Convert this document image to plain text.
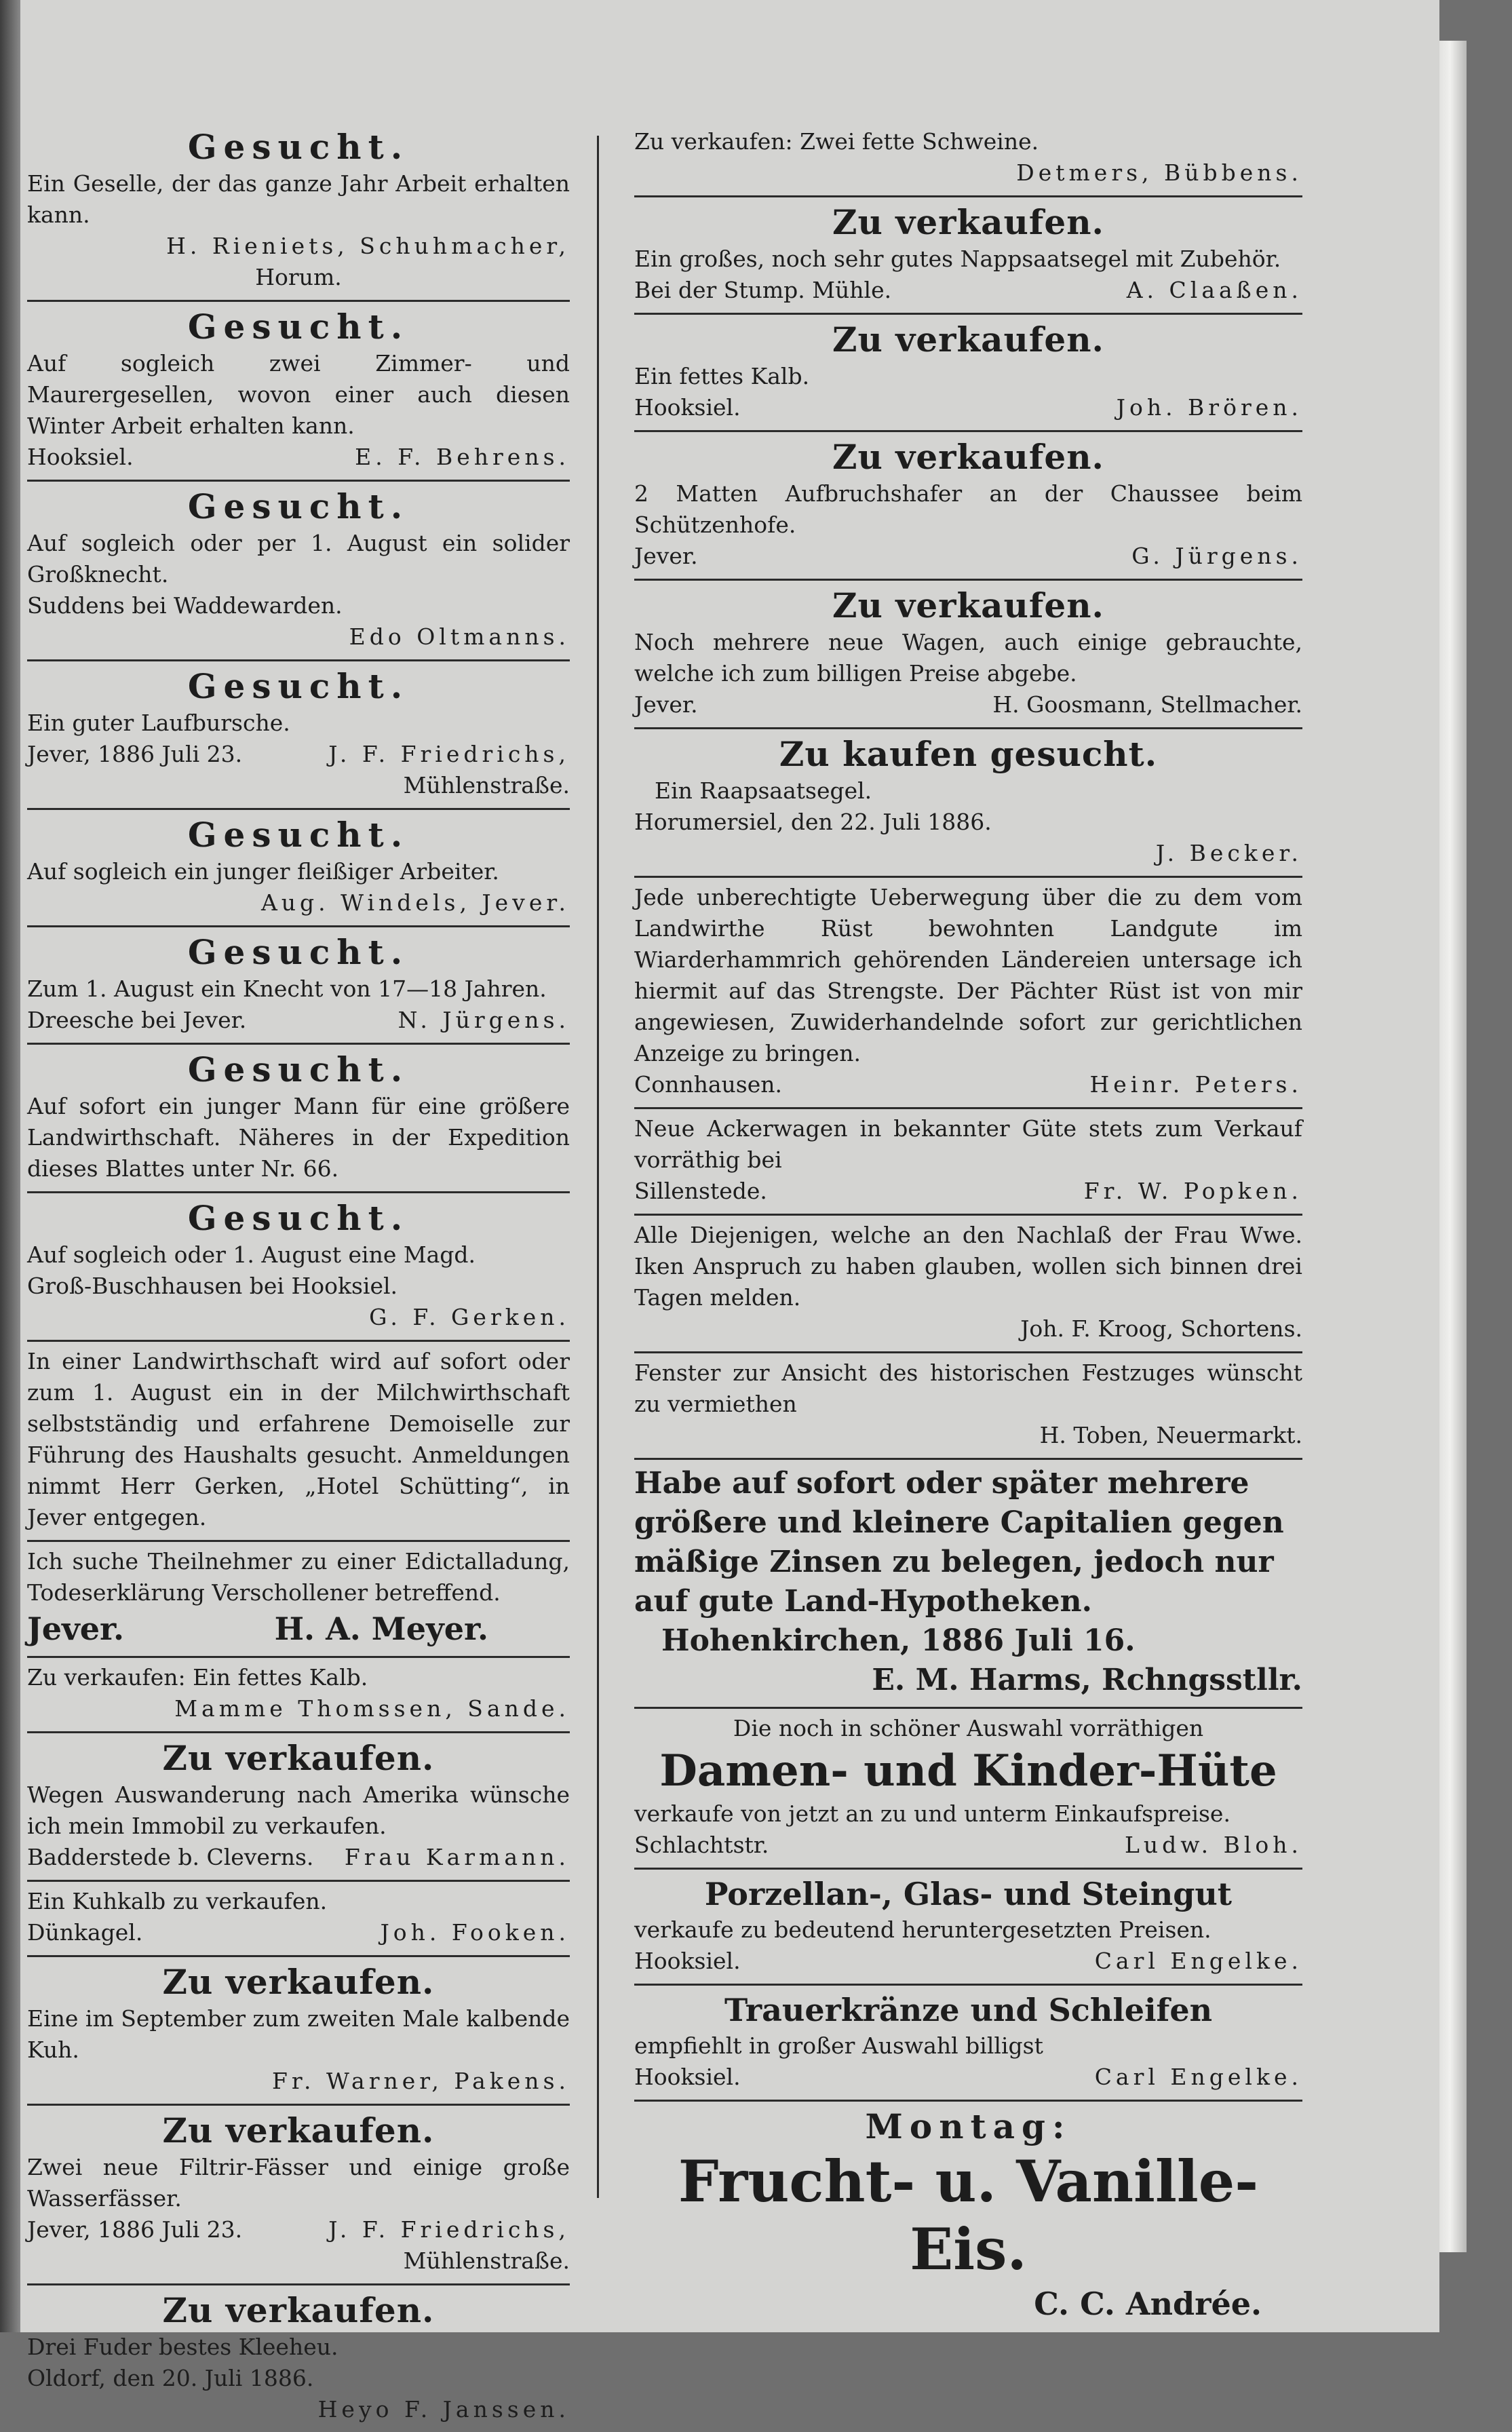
Gesucht.
Ein Geselle, der das ganze Jahr Arbeit erhalten kann.
H. Rieniets, Schuhmacher,
Horum.
Gesucht.
Auf sogleich zwei Zimmer- und Maurergesellen, wovon einer auch diesen Winter Arbeit erhalten kann.
Hooksiel.	E. F. Behrens.
Gesucht.
Auf sogleich oder per 1. August ein solider Großknecht.
Suddens bei Waddewarden.
Edo Oltmanns.
Gesucht.
Ein guter Laufbursche.
Jever, 1886 Juli 23.	J. F. Friedrichs,
Mühlenstraße.
Gesucht.
Auf sogleich ein junger fleißiger Arbeiter.
Aug. Windels, Jever.
Gesucht.
Zum 1. August ein Knecht von 17—18 Jahren.
Dreesche bei Jever.	N. Jürgens.
Gesucht.
Auf sofort ein junger Mann für eine größere Landwirthschaft. Näheres in der Expedition dieses Blattes unter Nr. 66.
Gesucht.
Auf sogleich oder 1. August eine Magd.
Groß-Buschhausen bei Hooksiel.
G. F. Gerken.
In einer Landwirthschaft wird auf sofort oder zum 1. August ein in der Milchwirthschaft selbstständig und erfahrene Demoiselle zur Führung des Haushalts gesucht. Anmeldungen nimmt Herr Gerken, „Hotel Schütting“, in Jever entgegen.
Ich suche Theilnehmer zu einer Edictalladung, Todeserklärung Verschollener betreffend.
Jever.	H. A. Meyer.
Zu verkaufen: Ein fettes Kalb.
Mamme Thomssen, Sande.
Zu verkaufen.
Wegen Auswanderung nach Amerika wünsche ich mein Immobil zu verkaufen.
Badderstede b. Cleverns. Frau Karmann.
Ein Kuhkalb zu verkaufen.
Dünkagel.	Joh. Fooken.
Zu verkaufen.
Eine im September zum zweiten Male kalbende Kuh.
Fr. Warner, Pakens.
Zu verkaufen.
Zwei neue Filtrir-Fässer und einige große Wasserfässer.
Jever, 1886 Juli 23.	J. F. Friedrichs,
Mühlenstraße.
Zu verkaufen.
Drei Fuder bestes Kleeheu.
Oldorf, den 20. Juli 1886.
Heyo F. Janssen.
Zu verkaufen: Zwei fette Schweine.
Detmers, Bübbens.
Zu verkaufen.
Ein großes, noch sehr gutes Nappsaatsegel mit Zubehör.
Bei der Stump. Mühle.	A. Claaßen.
Zu verkaufen.
Ein fettes Kalb.
Hooksiel.	Joh. Brören.
Zu verkaufen.
2 Matten Aufbruchshafer an der Chaussee beim Schützenhofe.
Jever.	G. Jürgens.
Zu verkaufen.
Noch mehrere neue Wagen, auch einige gebrauchte, welche ich zum billigen Preise abgebe.
Jever.	H. Goosmann, Stellmacher.
Zu kaufen gesucht.
Ein Raapsaatsegel.
Horumersiel, den 22. Juli 1886.
J. Becker.
Jede unberechtigte Ueberwegung über die zu dem vom Landwirthe Rüst bewohnten Landgute im Wiarderhammrich gehörenden Ländereien untersage ich hiermit auf das Strengste. Der Pächter Rüst ist von mir angewiesen, Zuwiderhandelnde sofort zur gerichtlichen Anzeige zu bringen.
Connhausen.	Heinr. Peters.
Neue Ackerwagen in bekannter Güte stets zum Verkauf vorräthig bei
Sillenstede.	Fr. W. Popken.
Alle Diejenigen, welche an den Nachlaß der Frau Wwe. Iken Anspruch zu haben glauben, wollen sich binnen drei Tagen melden.
Joh. F. Kroog, Schortens.
Fenster zur Ansicht des historischen Festzuges wünscht zu vermiethen
H. Toben, Neuermarkt.
Habe auf sofort oder später mehrere größere und kleinere Capitalien gegen mäßige Zinsen zu belegen, jedoch nur auf gute Land-Hypotheken.
Hohenkirchen, 1886 Juli 16.
E. M. Harms, Rchngsstllr.
Die noch in schöner Auswahl vorräthigen
Damen- und Kinder-Hüte
verkaufe von jetzt an zu und unterm Einkaufspreise.
Schlachtstr.	Ludw. Bloh.
Porzellan-, Glas- und Steingut
verkaufe zu bedeutend heruntergesetzten Preisen.
Hooksiel.	Carl Engelke.
Trauerkränze und Schleifen
empfiehlt in großer Auswahl billigst
Hooksiel.	Carl Engelke.
Montag:
Frucht- u. Vanille-Eis.
C. C. Andrée.
